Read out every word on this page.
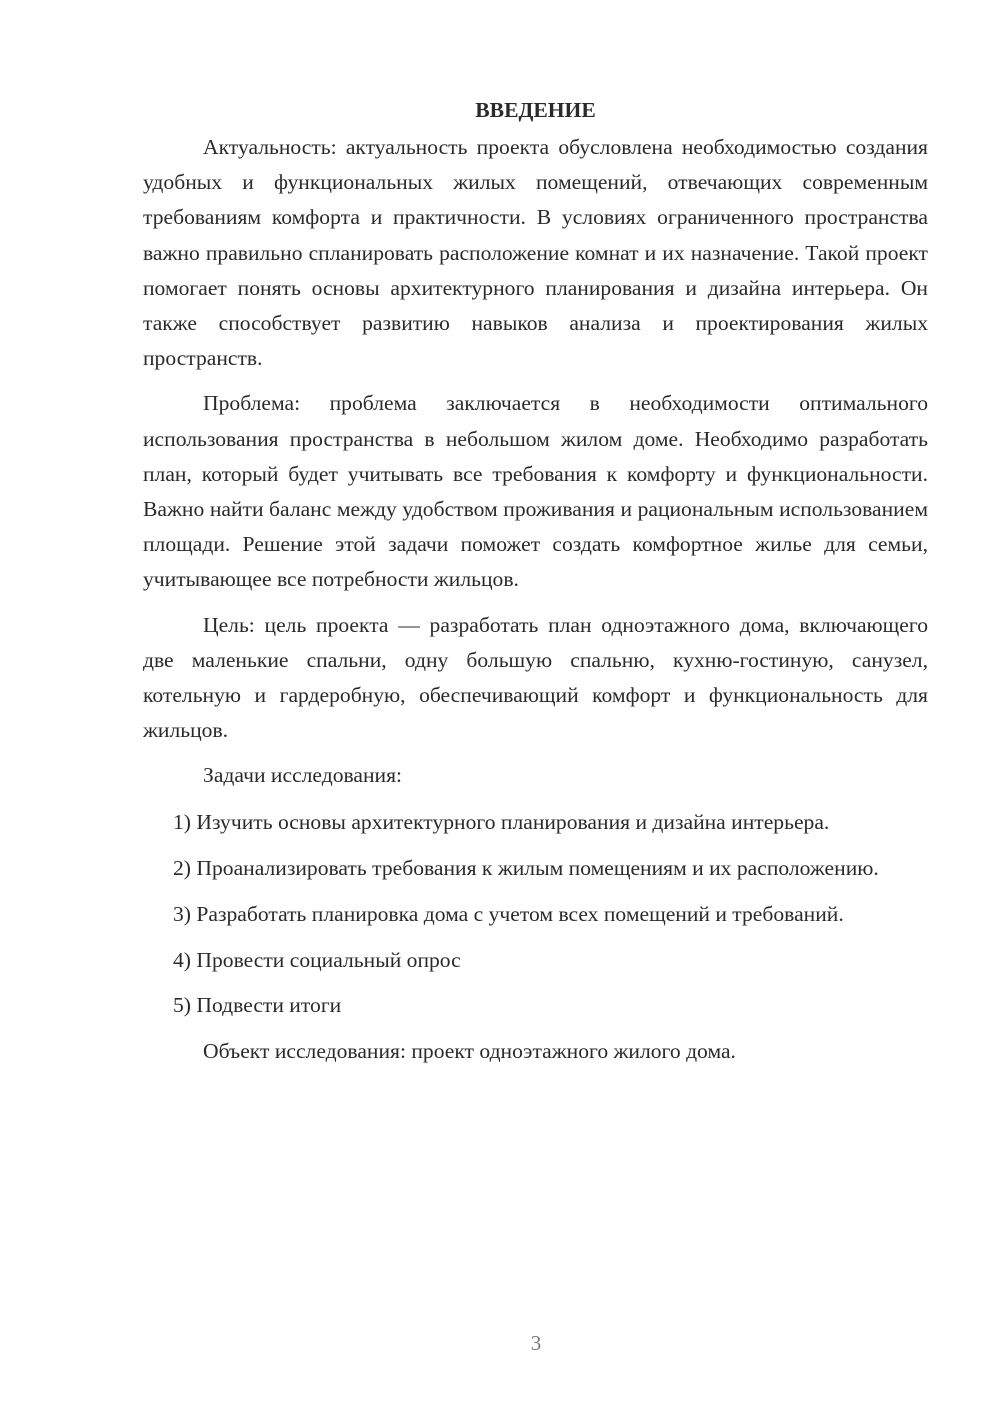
ВВЕДЕНИЕ

Актуальность: актуальность проекта обусловлена необходимостью создания удобных и функциональных жилых помещений, отвечающих современным требованиям комфорта и практичности. В условиях ограниченного пространства важно правильно спланировать расположение комнат и их назначение. Такой проект помогает понять основы архитектурного планирования и дизайна интерьера. Он также способствует развитию навыков анализа и проектирования жилых пространств.

Проблема: проблема заключается в необходимости оптимального использования пространства в небольшом жилом доме. Необходимо разработать план, который будет учитывать все требования к комфорту и функциональности. Важно найти баланс между удобством проживания и рациональным использованием площади. Решение этой задачи поможет создать комфортное жилье для семьи, учитывающее все потребности жильцов.

Цель: цель проекта — разработать план одноэтажного дома, включающего две маленькие спальни, одну большую спальню, кухню-гостиную, санузел, котельную и гардеробную, обеспечивающий комфорт и функциональность для жильцов.

Задачи исследования:

1) Изучить основы архитектурного планирования и дизайна интерьера.

2) Проанализировать требования к жилым помещениям и их расположению.

3) Разработать планировка дома с учетом всех помещений и требований.

4) Провести социальный опрос

5) Подвести итоги

Объект исследования: проект одноэтажного жилого дома.

3
